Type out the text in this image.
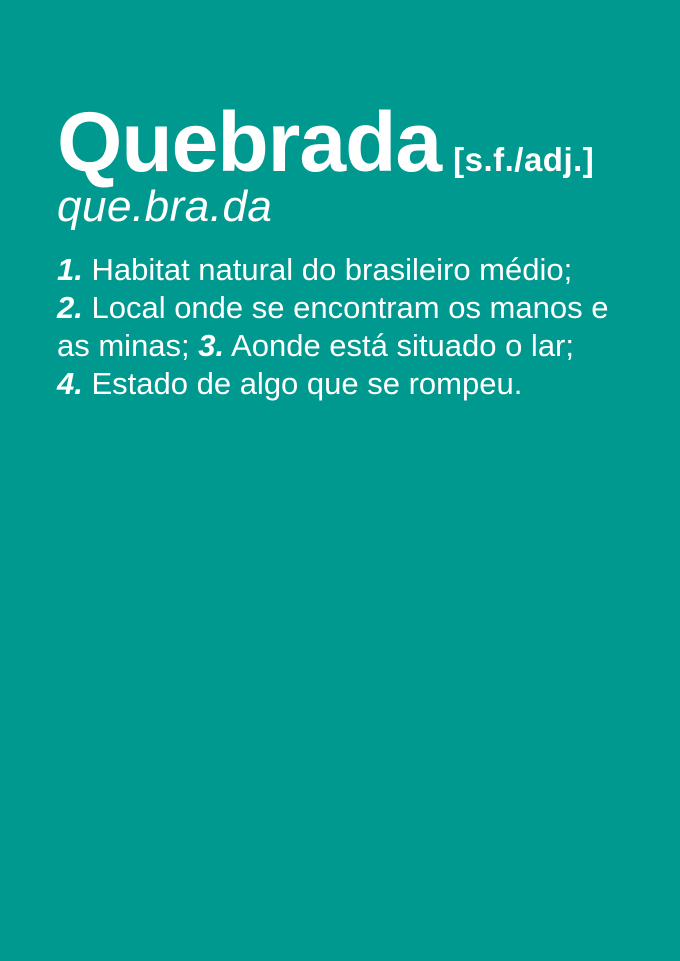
Quebrada [s.f./adj.]
que.bra.da
1. Habitat natural do brasileiro médio;
2. Local onde se encontram os manos e
as minas; 3. Aonde está situado o lar;
4. Estado de algo que se rompeu.
